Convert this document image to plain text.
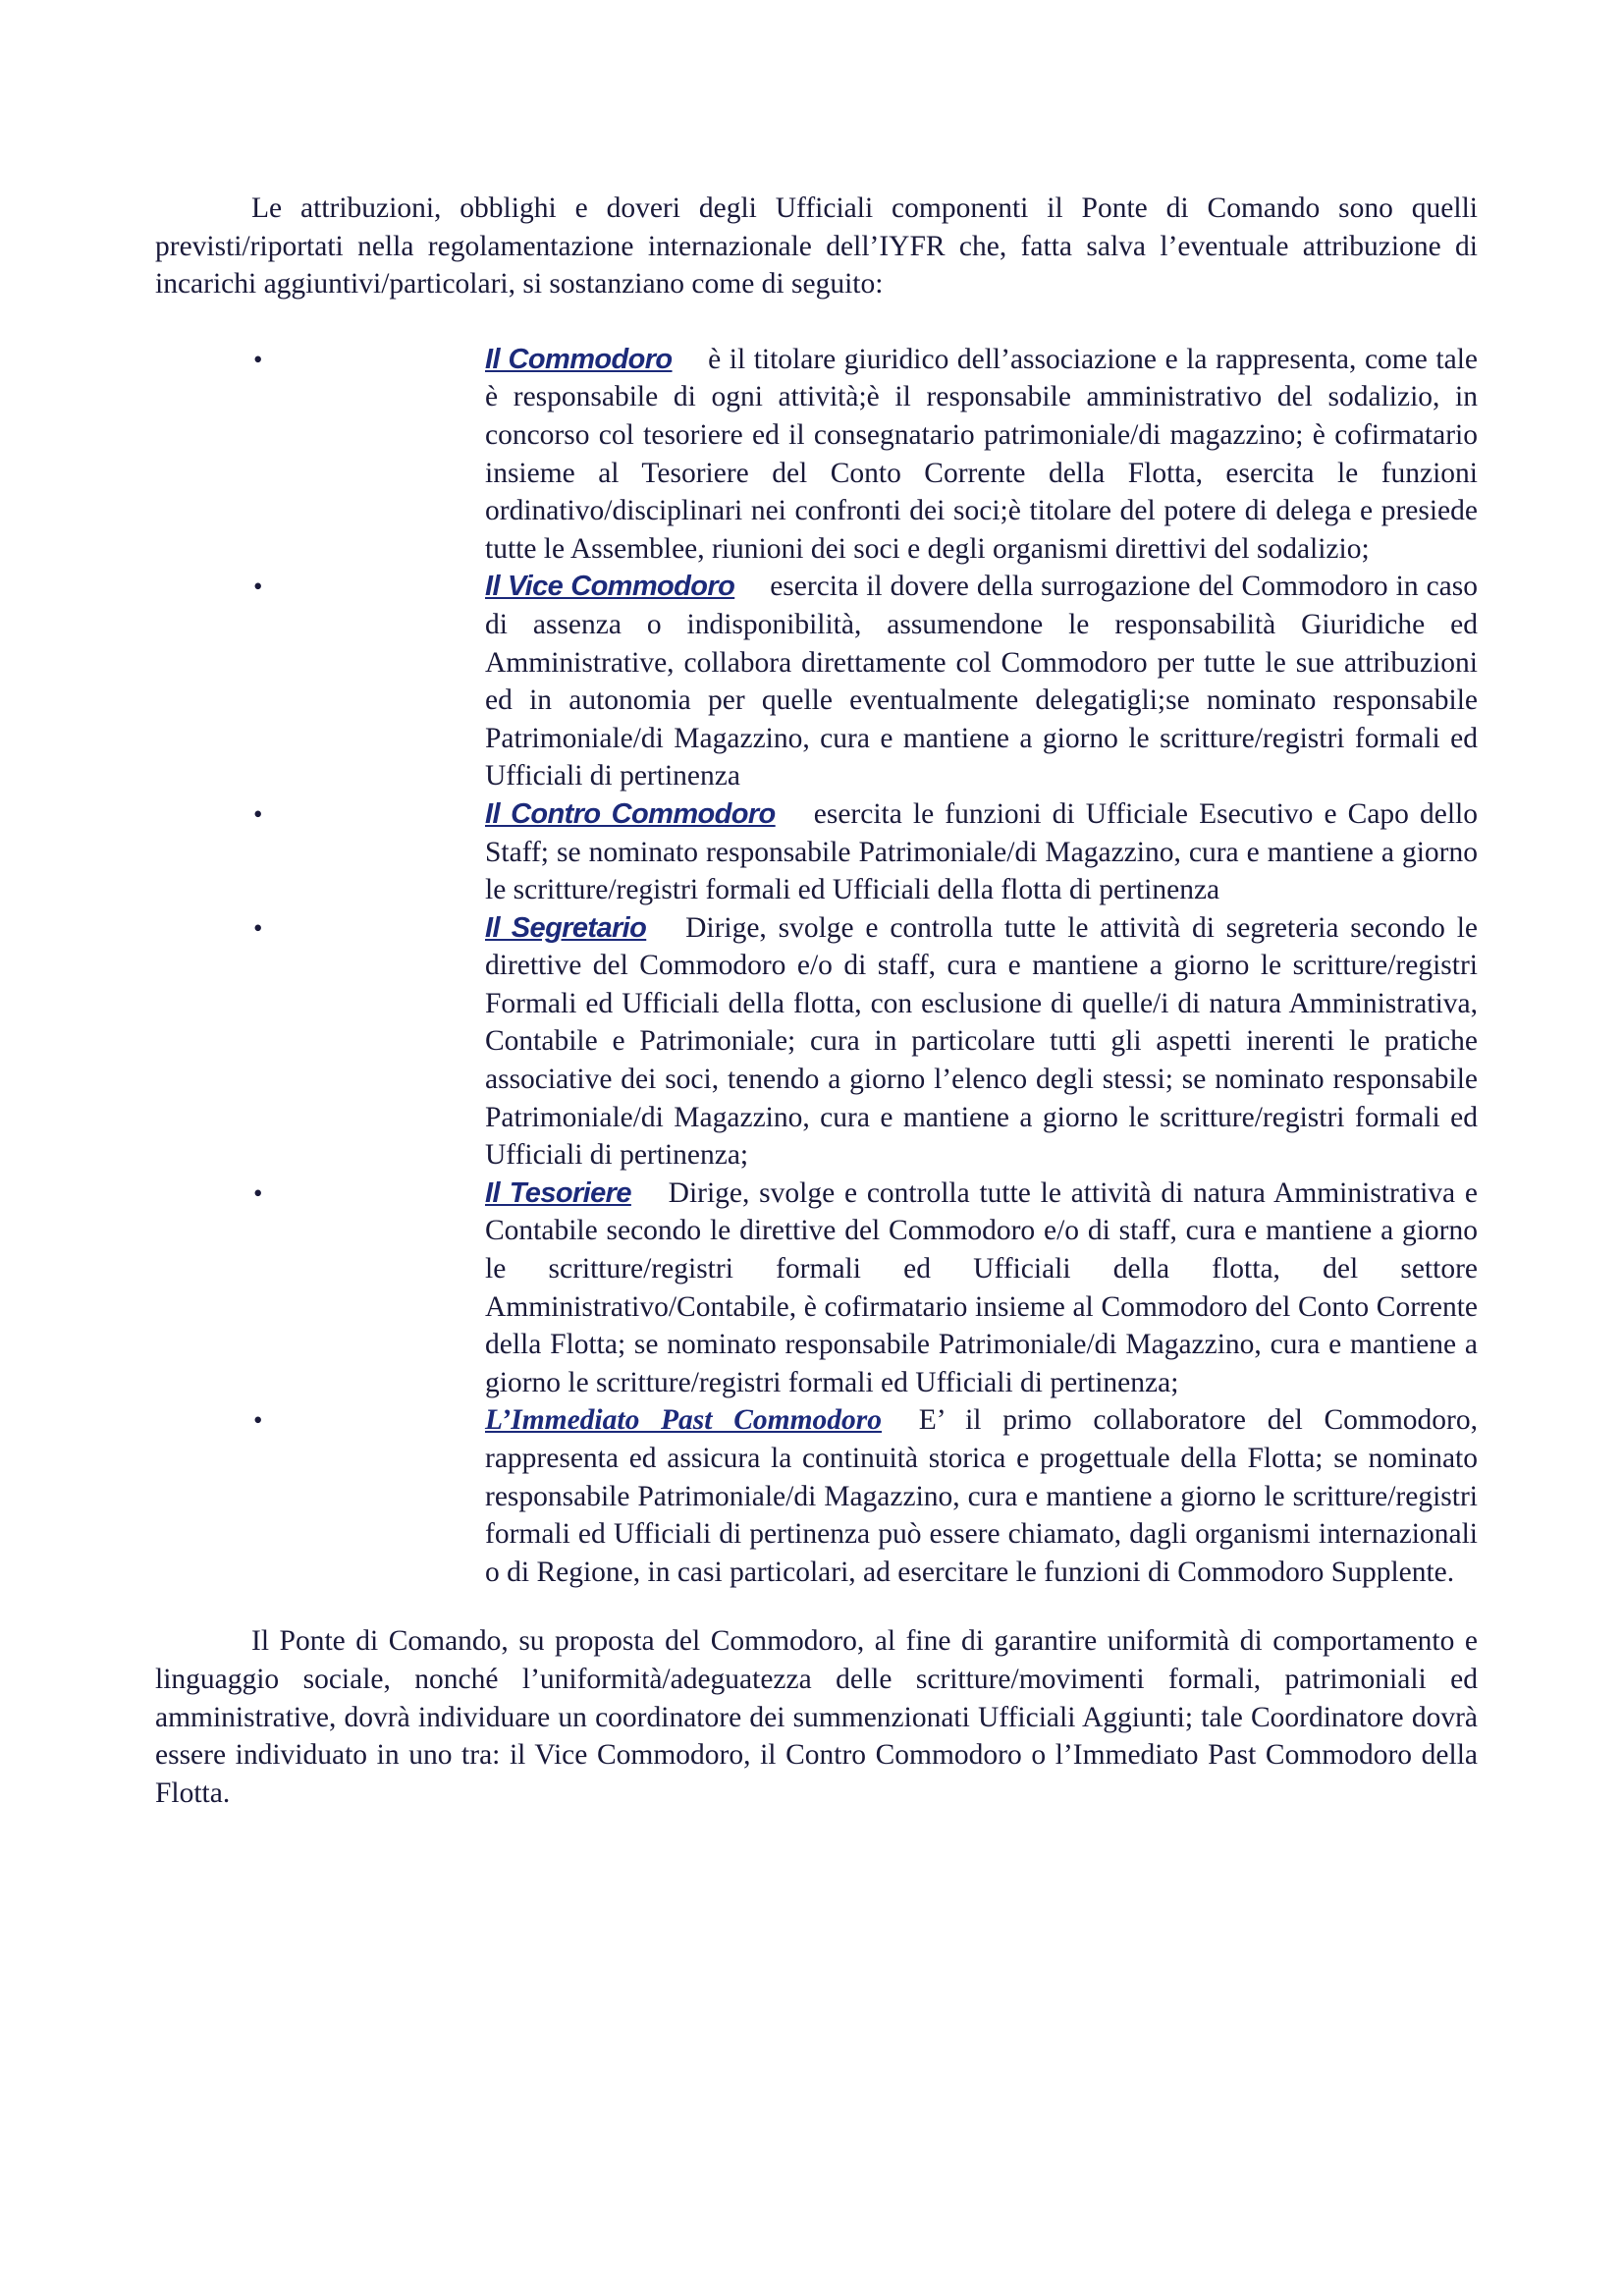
Le attribuzioni, obblighi e doveri degli Ufficiali componenti il Ponte di Comando sono quelli previsti/riportati nella regolamentazione internazionale dell’IYFR che, fatta salva l’eventuale attribuzione di incarichi aggiuntivi/particolari, si sostanziano come di seguito:

•	Il Commodoro è il titolare giuridico dell’associazione e la rappresenta, come tale è responsabile di ogni attività;è il responsabile amministrativo del sodalizio, in concorso col tesoriere ed il consegnatario patrimoniale/di magazzino; è cofirmatario insieme al Tesoriere del Conto Corrente della Flotta, esercita le funzioni ordinativo/disciplinari nei confronti dei soci;è titolare del potere di delega e presiede tutte le Assemblee, riunioni dei soci e degli organismi direttivi del sodalizio;
•	Il Vice Commodoro esercita il dovere della surrogazione del Commodoro in caso di assenza o indisponibilità, assumendone le responsabilità Giuridiche ed Amministrative, collabora direttamente col Commodoro per tutte le sue attribuzioni ed in autonomia per quelle eventualmente delegatigli;se nominato responsabile Patrimoniale/di Magazzino, cura e mantiene a giorno le scritture/registri formali ed Ufficiali di pertinenza
•	Il Contro Commodoro esercita le funzioni di Ufficiale Esecutivo e Capo dello Staff; se nominato responsabile Patrimoniale/di Magazzino, cura e mantiene a giorno le scritture/registri formali ed Ufficiali della flotta di pertinenza
•	Il Segretario Dirige, svolge e controlla tutte le attività di segreteria secondo le direttive del Commodoro e/o di staff, cura e mantiene a giorno le scritture/registri Formali ed Ufficiali della flotta, con esclusione di quelle/i di natura Amministrativa, Contabile e Patrimoniale; cura in particolare tutti gli aspetti inerenti le pratiche associative dei soci, tenendo a giorno l’elenco degli stessi; se nominato responsabile Patrimoniale/di Magazzino, cura e mantiene a giorno le scritture/registri formali ed Ufficiali di pertinenza;
•	Il Tesoriere Dirige, svolge e controlla tutte le attività di natura Amministrativa e Contabile secondo le direttive del Commodoro e/o di staff, cura e mantiene a giorno le scritture/registri formali ed Ufficiali della flotta, del settore Amministrativo/Contabile, è cofirmatario insieme al Commodoro del Conto Corrente della Flotta; se nominato responsabile Patrimoniale/di Magazzino, cura e mantiene a giorno le scritture/registri formali ed Ufficiali di pertinenza;
•	L’Immediato Past Commodoro E’ il primo collaboratore del Commodoro, rappresenta ed assicura la continuità storica e progettuale della Flotta; se nominato responsabile Patrimoniale/di Magazzino, cura e mantiene a giorno le scritture/registri formali ed Ufficiali di pertinenza può essere chiamato, dagli organismi internazionali o di Regione, in casi particolari, ad esercitare le funzioni di Commodoro Supplente.

Il Ponte di Comando, su proposta del Commodoro, al fine di garantire uniformità di comportamento e linguaggio sociale, nonché l’uniformità/adeguatezza delle scritture/movimenti formali, patrimoniali ed amministrative, dovrà individuare un coordinatore dei summenzionati Ufficiali Aggiunti; tale Coordinatore dovrà essere individuato in uno tra: il Vice Commodoro, il Contro Commodoro o l’Immediato Past Commodoro della Flotta.
